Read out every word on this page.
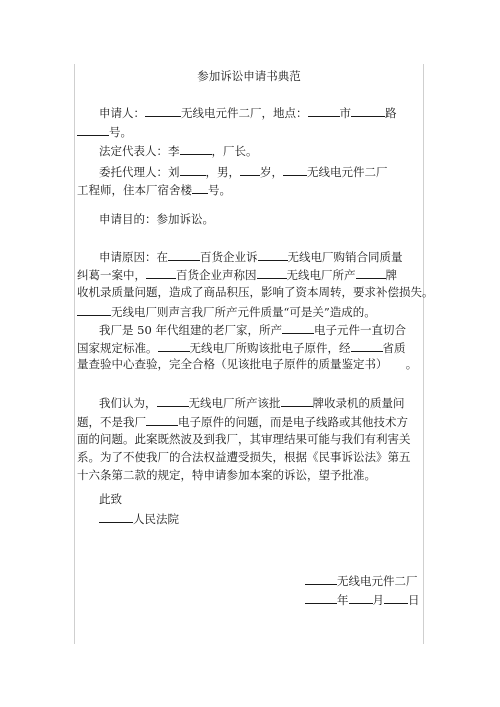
参加诉讼申请书典范
申请人：	无线电元件二厂，地点：	市	路
号。
法定代表人：李	，厂长。
委托代理人：刘 ，男， 岁， 无线电元件二厂
工程师，住本厂宿舍楼 号。
申请目的：参加诉讼。
申请原因：在	百货企业诉	无线电厂购销合同质量
纠葛一案中，	百货企业声称因	无线电厂所产	牌
收机录质量问题，造成了商品积压，影响了资本周转，要求补偿损失。
无线电厂则声言我厂所产元件质量“可是关”造成的。
我厂是 50 年代组建的老厂家，所产	电子元件一直切合
国家规定标准。	无线电厂所购该批电子原件，经	省质
量查验中心查验，完全合格（见该批电子原件的质量鉴定书） 。
我们认为，	无线电厂所产该批	牌收录机的质量问
题，不是我厂	电子原件的问题，而是电子线路或其他技术方
面的问题。此案既然波及到我厂，其审理结果可能与我们有利害关
系。为了不使我厂的合法权益遭受损失，根据《民事诉讼法》第五
十六条第二款的规定，特申请参加本案的诉讼，望予批准。
此致
人民法院
无线电元件二厂
年 月 日
